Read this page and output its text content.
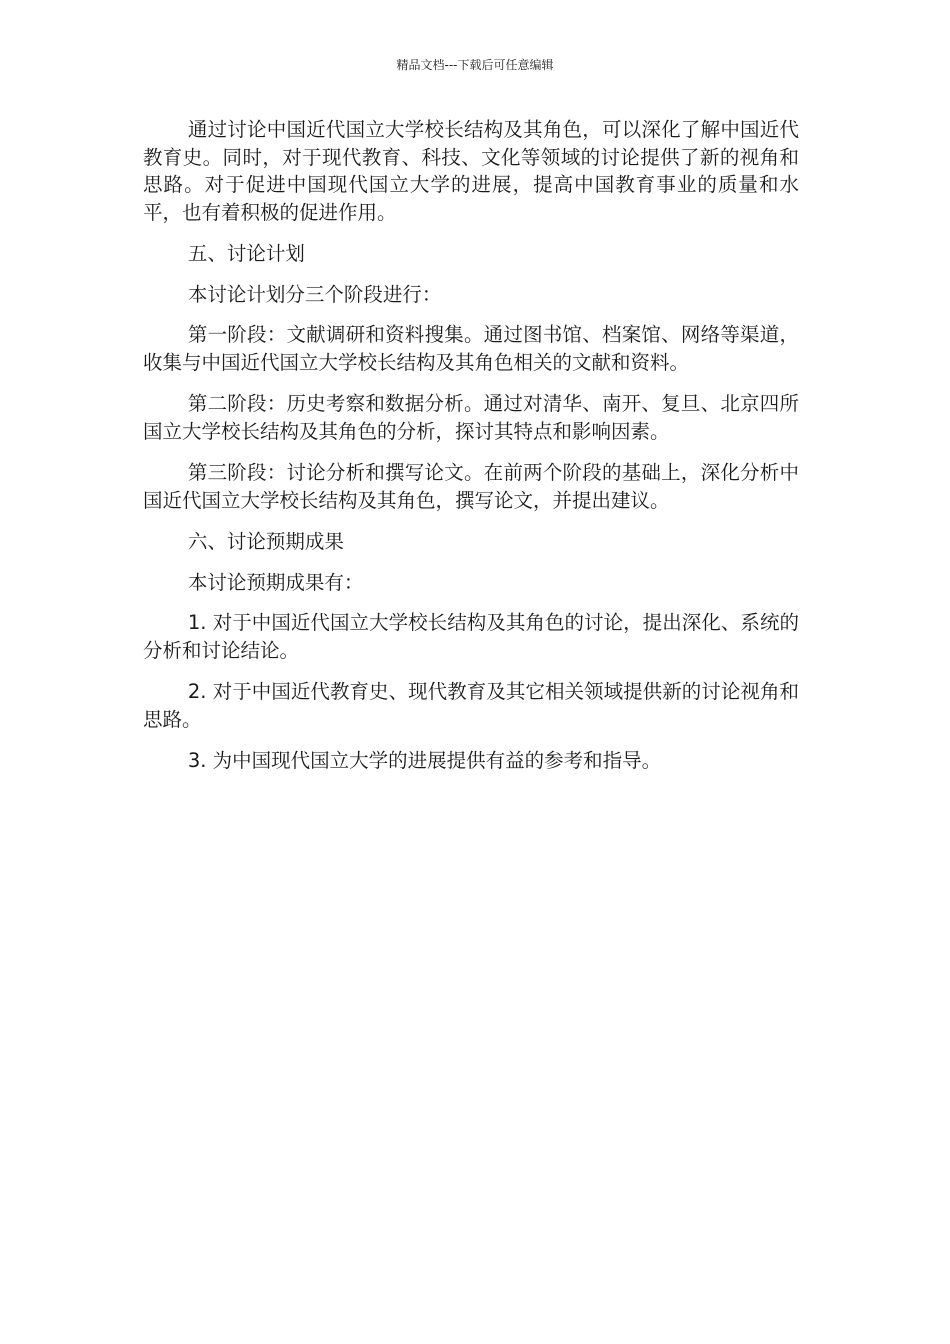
精品文档---下载后可任意编辑

通过讨论中国近代国立大学校长结构及其角色，可以深化了解中国近代教育史。同时，对于现代教育、科技、文化等领域的讨论提供了新的视角和思路。对于促进中国现代国立大学的进展，提高中国教育事业的质量和水平，也有着积极的促进作用。

五、讨论计划

本讨论计划分三个阶段进行：

第一阶段：文献调研和资料搜集。通过图书馆、档案馆、网络等渠道，收集与中国近代国立大学校长结构及其角色相关的文献和资料。

第二阶段：历史考察和数据分析。通过对清华、南开、复旦、北京四所国立大学校长结构及其角色的分析，探讨其特点和影响因素。

第三阶段：讨论分析和撰写论文。在前两个阶段的基础上，深化分析中国近代国立大学校长结构及其角色，撰写论文，并提出建议。

六、讨论预期成果

本讨论预期成果有：

1. 对于中国近代国立大学校长结构及其角色的讨论，提出深化、系统的分析和讨论结论。

2. 对于中国近代教育史、现代教育及其它相关领域提供新的讨论视角和思路。

3. 为中国现代国立大学的进展提供有益的参考和指导。
